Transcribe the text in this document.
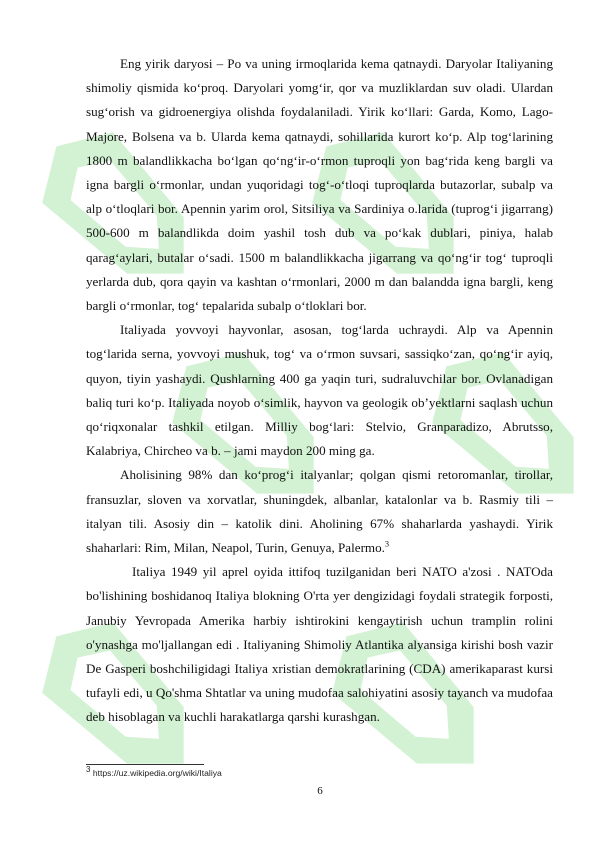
Eng yirik daryosi – Po va uning irmoqlarida kema qatnaydi. Daryolar Italiyaning shimoliy qismida ko‘proq. Daryolari yomg‘ir, qor va muzliklardan suv oladi. Ulardan sug‘orish va gidroenergiya olishda foydalaniladi. Yirik ko‘llari: Garda, Komo, Lago-Majore, Bolsena va b. Ularda kema qatnaydi, sohillarida kurort ko‘p. Alp tog‘larining 1800 m balandlikkacha bo‘lgan qo‘ng‘ir-o‘rmon tuproqli yon bag‘rida keng bargli va igna bargli o‘rmonlar, undan yuqoridagi tog‘-o‘tloqi tuproqlarda butazorlar, subalp va alp o‘tloqlari bor. Apennin yarim orol, Sitsiliya va Sardiniya o.larida (tuprog‘i jigarrang) 500-600 m balandlikda doim yashil tosh dub va po‘kak dublari, piniya, halab qarag‘aylari, butalar o‘sadi. 1500 m balandlikkacha jigarrang va qo‘ng‘ir tog‘ tuproqli yerlarda dub, qora qayin va kashtan o‘rmonlari, 2000 m dan balandda igna bargli, keng bargli o‘rmonlar, tog‘ tepalarida subalp o‘tloklari bor.

Italiyada yovvoyi hayvonlar, asosan, tog‘larda uchraydi. Alp va Apennin tog‘larida serna, yovvoyi mushuk, tog‘ va o‘rmon suvsari, sassiqko‘zan, qo‘ng‘ir ayiq, quyon, tiyin yashaydi. Qushlarning 400 ga yaqin turi, sudraluvchilar bor. Ovlanadigan baliq turi ko‘p. Italiyada noyob o‘simlik, hayvon va geologik ob’yektlarni saqlash uchun qo‘riqxonalar tashkil etilgan. Milliy bog‘lari: Stelvio, Granparadizo, Abrutsso, Kalabriya, Chircheo va b. – jami maydon 200 ming ga.

Aholisining 98% dan ko‘prog‘i italyanlar; qolgan qismi retoromanlar, tirollar, fransuzlar, sloven va xorvatlar, shuningdek, albanlar, katalonlar va b. Rasmiy tili – italyan tili. Asosiy din – katolik dini. Aholining 67% shaharlarda yashaydi. Yirik shaharlari: Rim, Milan, Neapol, Turin, Genuya, Palermo.$^3$

Italiya 1949 yil aprel oyida ittifoq tuzilganidan beri NATO a'zosi . NATOda bo'lishining boshidanoq Italiya blokning O'rta yer dengizidagi foydali strategik forposti, Janubiy Yevropada Amerika harbiy ishtirokini kengaytirish uchun tramplin rolini o'ynashga mo'ljallangan edi . Italiyaning Shimoliy Atlantika alyansiga kirishi bosh vazir De Gasperi boshchiligidagi Italiya xristian demokratlarining (CDA) amerikaparast kursi tufayli edi, u Qo'shma Shtatlar va uning mudofaa salohiyatini asosiy tayanch va mudofaa deb hisoblagan va kuchli harakatlarga qarshi kurashgan.

3 https://uz.wikipedia.org/wiki/Italiya
6
